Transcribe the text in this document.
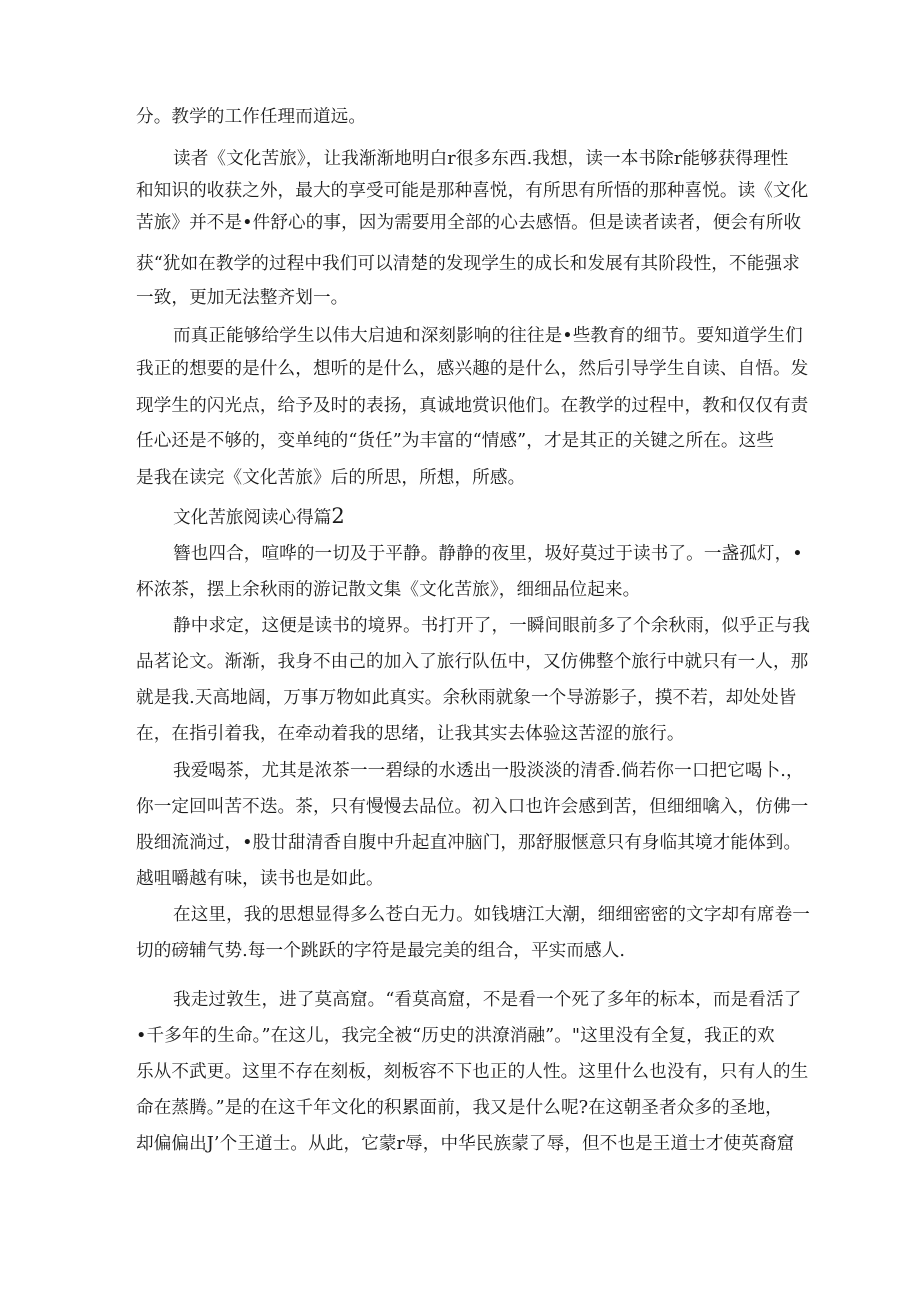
分。教学的工作任理而道远。
读者《文化苦旅》，让我渐渐地明白r很多东西.我想，读一本书除r能够获得理性
和知识的收获之外，最大的享受可能是那种喜悦，有所思有所悟的那种喜悦。读《文化
苦旅》并不是•件舒心的事，因为需要用全部的心去感悟。但是读者读者，便会有所收
获“犹如在教学的过程中我们可以清楚的发现学生的成长和发展有其阶段性，不能强求
一致，更加无法整齐划一。
而真正能够给学生以伟大启迪和深刻影响的往往是•些教育的细节。要知道学生们
我正的想要的是什么，想听的是什么，感兴趣的是什么，然后引导学生自读、自悟。发
现学生的闪光点，给予及时的表扬，真诚地赏识他们。在教学的过程中，教和仅仅有责
任心还是不够的，变单纯的“货任”为丰富的“情感”，才是其正的关键之所在。这些
是我在读完《文化苦旅》后的所思，所想，所感。
文化苦旅阅读心得篇2
簪也四合，喧哗的一切及于平静。静静的夜里，圾好莫过于读书了。一盏孤灯，•
杯浓茶，摆上余秋雨的游记散文集《文化苦旅》，细细品位起来。
静中求定，这便是读书的境界。书打开了，一瞬间眼前多了个余秋雨，似乎正与我
品茗论文。渐渐，我身不由己的加入了旅行队伍中，又仿佛整个旅行中就只有一人，那
就是我.天高地阔，万事万物如此真实。余秋雨就象一个导游影子，摸不若，却处处皆
在，在指引着我，在牵动着我的思绪，让我其实去体验这苦涩的旅行。
我爱喝茶，尤其是浓茶一一碧绿的水透出一股淡淡的清香.倘若你一口把它喝卜.，
你一定回叫苦不迭。茶，只有慢慢去品位。初入口也许会感到苦，但细细噙入，仿佛一
股细流淌过，•股廿甜清香自腹中升起直冲脑门，那舒服惬意只有身临其境才能体到。
越咀嚼越有味，读书也是如此。
在这里，我的思想显得多么苍白无力。如钱塘江大潮，细细密密的文字却有席卷一
切的磅辅气势.每一个跳跃的字符是最完美的组合，平实而感人.
我走过敦生，进了莫高窟。“看莫高窟，不是看一个死了多年的标本，而是看活了
•千多年的生命。”在这儿，我完全被“历史的洪潦消融”。"这里没有全复，我正的欢
乐从不武更。这里不存在刻板，刻板容不下也正的人性。这里什么也没有，只有人的生
命在蒸腾。”是的在这千年文化的积累面前，我又是什么呢?在这朝圣者众多的圣地，
却偏偏出J’个王道士。从此，它蒙r辱，中华民族蒙了辱，但不也是王道士才使英裔窟
